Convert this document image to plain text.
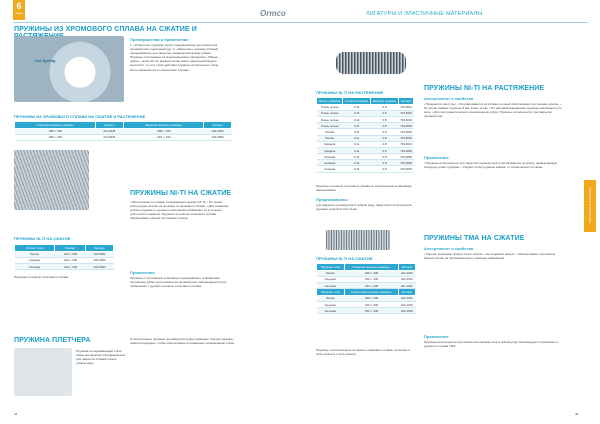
6
раздел	Ormco	ЛИГАТУРЫ И ЭЛАСТИЧНЫЕ МАТЕРИАЛЫ
ПРУЖИНЫ ИЗ ХРОМОВОГО СПЛАВА НА СЖАТИЕ И
Coil Spring
Преимущества и применение
1. «Открытые» пружины (open) предназначены для раскрытия промежутков и удлинения дуг. 2. «Закрытые» пружины (closed) предназначены для закрытия промежутков между зубами. Пружины изготовлены из хромоникелевого материала. Общая длина – около 40 см. Данный сплав имеет идеальный модуль жесткости, то есть сила действия пружины оптимальна и чаще всего применяется в клинических случаях.
ПРУЖИНЫ ИЗ ХРОМОВОГО СПЛАВА НА СЖАТИЕ И РАСТЯЖЕНИЕ
Открытая пружина, размеры	Артикул	Закрытая пружина, размеры	Артикул
.008 x .030	221-0028	.008 x .030	222-0003
.009 x .030	221-0030	.010 x .030	222-0006
ПРУЖИНЫ NI-TI НА СЖАТИЕ
Усилие, сила	Размер	Артикул
Легкая	.010 x .030	222-5001
Средняя	.012 x .030	222-5002
Сильная	.010 x .036	222-5003
Пружины из никель-титанового сплава.
ПРУЖИНА ПЛЕТЧЕРА
Пружина из нержавеющей стали покрытая никелем. Предназначена для закрытия промежутков в зубном ряду.
44
ПРУЖИНЫ NI-TI НА СЖАТИЕ
• Изготовлены из сплава, сохраняющего форму (Ni-Ti). • По своей конструкции похожи на пружины из хромового сплава. • Для снижения усилия пружины и хорошего растяжения применяют их в течение длительного времени. Пружины из никель-титанового сплава обеспечивают мягкое постоянное усилие.
Применение
Пружины с постоянным усилием для дальнейшего исправления положения зубов и для раскрытия промежутков. Рекомендуются для применения с дугами из никель-титанового сплава.
Отличительные пружины производятся в двух размерах. Усилие пружины сжатия подобрано, чтобы обеспечивать оптимальное перемещение зубов.
ПРУЖИНЫ NI-TI НА РАСТЯЖЕНИЕ
Длина, дюйм/мм	Сила растяжения	Диаметр пружины	Артикул
Очень легкая	0.10	0.8	704-6011
Очень легкая	0.10	0.8	704-6015
Очень легкая	0.10	0.8	704-6020
Очень легкая	0.11	0.8	704-6030
Легкая	0.11	0.8	704-6034
Легкая	0.11	0.8	704-6040
Средняя	0.11	0.8	704-6044
Средняя	0.12	0.8	704-6050
Сильная	0.12	0.8	704-6056
Сильная	0.12	0.8	704-6060
Сильная	0.12	0.8	704-6070
Пружины из никель-титанового сплава со специальным штамповым наконечником.
Предназначены
для закрытия промежутков в зубном ряду. Чаще всего используются пружины длиной 6 мм и 9 мм.
ПРУЖИНЫ NI-TI НА СЖАТИЕ
Пружина: сила	Открытая пружина, размеры	Артикул
Легкая	.009 x .030	221-0001
Средняя	.010 x .030	221-0001
Сильная	.012 x .030	221-1001
Пружина: сила	Спиральная пружина, размеры	Артикул
Легкая	.009 x .030	222-1001
Средняя	.010 x .030	222-1002
Сильная	.012 x .030	222-1003
Пружины, изготовленные из никель-титанового сплава. Сочетают в себе легкость и силу сжатия.
ПРУЖИНЫ NI-TI НА РАСТЯЖЕНИЕ
Ассортимент и свойства
• Продаются поштучно. • Изготавливаются из сплава, который обеспечивает постоянное усилие. • По длине бывают пружины 6 мм, 9 мм, 12 мм. • По цветовой маркировке пружины различаются по силе. • Для постоянного мягкого перемещения зубов. Пружины используются при закрытии промежутков.
Применение
• Пружины используются при закрытии промежутков и растягиваются на длину, превышающую исходную длину пружины. • Подбор силы пружины зависит от клинической ситуации.
ПРУЖИНЫ ТМА НА СЖАТИЕ
Ассортимент и свойства
• Хорошо сохраняют форму после сжатия. • Не содержат никеля. • Обеспечивают постоянное мягкое усилие на протяжении всего периода применения.
Применение
Пружины используются для раскрытия промежутков в зубном ряду. Рекомендуется применять с дугами из сплава ТМА.
45
ЛИГАТУРЫ И ЭЛАСТИКИ
